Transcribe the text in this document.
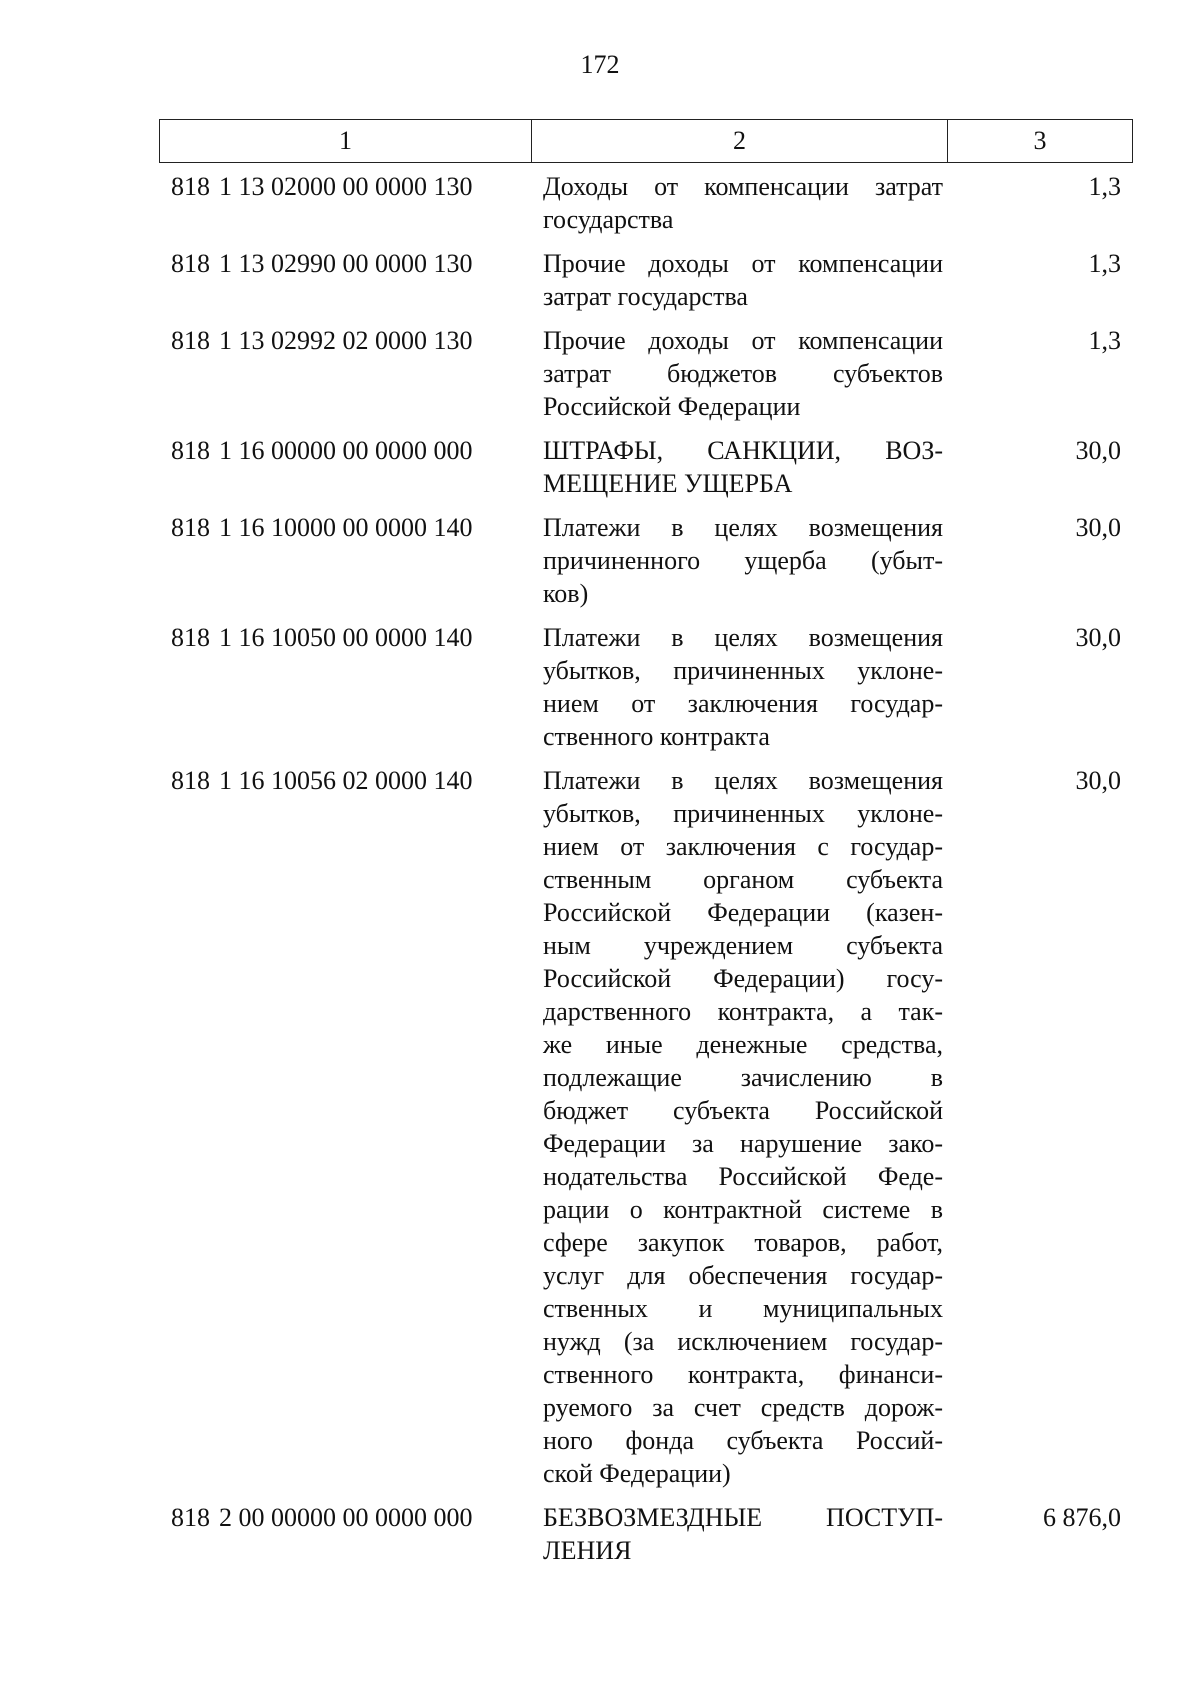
172
1	2	3
818 1 13 02000 00 0000 130	Доходы от компенсации затрат
государства
1,3
818 1 13 02990 00 0000 130	Прочие доходы от компенсации
затрат государства
1,3
818 1 13 02992 02 0000 130	Прочие доходы от компенсации
затрат бюджетов субъектов
Российской Федерации
1,3
818 1 16 00000 00 0000 000	ШТРАФЫ, САНКЦИИ, ВОЗ-
МЕЩЕНИЕ УЩЕРБА
30,0
818 1 16 10000 00 0000 140	Платежи в целях возмещения
причиненного ущерба (убыт-
ков)
30,0
818 1 16 10050 00 0000 140	Платежи в целях возмещения
убытков, причиненных уклоне-
нием от заключения государ-
ственного контракта
30,0
818 1 16 10056 02 0000 140	Платежи в целях возмещения
убытков, причиненных уклоне-
нием от заключения с государ-
ственным органом субъекта
Российской Федерации (казен-
ным учреждением субъекта
Российской Федерации) госу-
дарственного контракта, а так-
же иные денежные средства,
подлежащие зачислению в
бюджет субъекта Российской
Федерации за нарушение зако-
нодательства Российской Феде-
рации о контрактной системе в
сфере закупок товаров, работ,
услуг для обеспечения государ-
ственных и муниципальных
нужд (за исключением государ-
ственного контракта, финанси-
руемого за счет средств дорож-
ного фонда субъекта Россий-
ской Федерации)
30,0
818 2 00 00000 00 0000 000	БЕЗВОЗМЕЗДНЫЕ ПОСТУП-
ЛЕНИЯ
6 876,0
